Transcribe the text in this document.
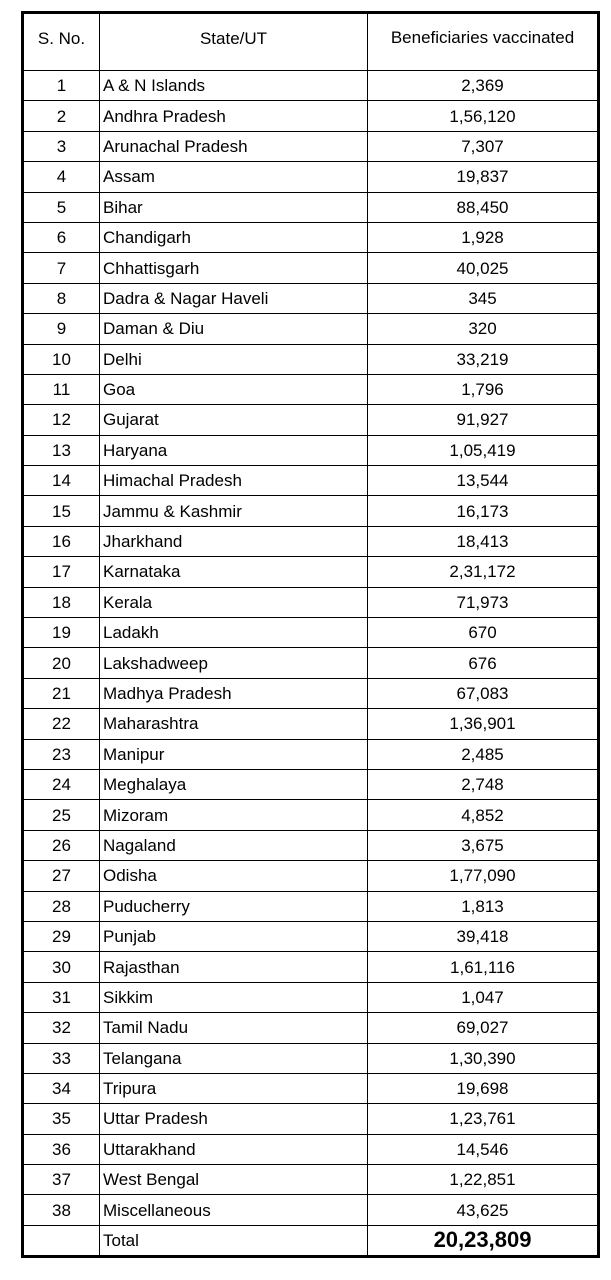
S. No.	State/UT	Beneficiaries vaccinated
1	A & N Islands	2,369
2	Andhra Pradesh	1,56,120
3	Arunachal Pradesh	7,307
4	Assam	19,837
5	Bihar	88,450
6	Chandigarh	1,928
7	Chhattisgarh	40,025
8	Dadra & Nagar Haveli	345
9	Daman & Diu	320
10	Delhi	33,219
11	Goa	1,796
12	Gujarat	91,927
13	Haryana	1,05,419
14	Himachal Pradesh	13,544
15	Jammu & Kashmir	16,173
16	Jharkhand	18,413
17	Karnataka	2,31,172
18	Kerala	71,973
19	Ladakh	670
20	Lakshadweep	676
21	Madhya Pradesh	67,083
22	Maharashtra	1,36,901
23	Manipur	2,485
24	Meghalaya	2,748
25	Mizoram	4,852
26	Nagaland	3,675
27	Odisha	1,77,090
28	Puducherry	1,813
29	Punjab	39,418
30	Rajasthan	1,61,116
31	Sikkim	1,047
32	Tamil Nadu	69,027
33	Telangana	1,30,390
34	Tripura	19,698
35	Uttar Pradesh	1,23,761
36	Uttarakhand	14,546
37	West Bengal	1,22,851
38	Miscellaneous	43,625
	Total	20,23,809
